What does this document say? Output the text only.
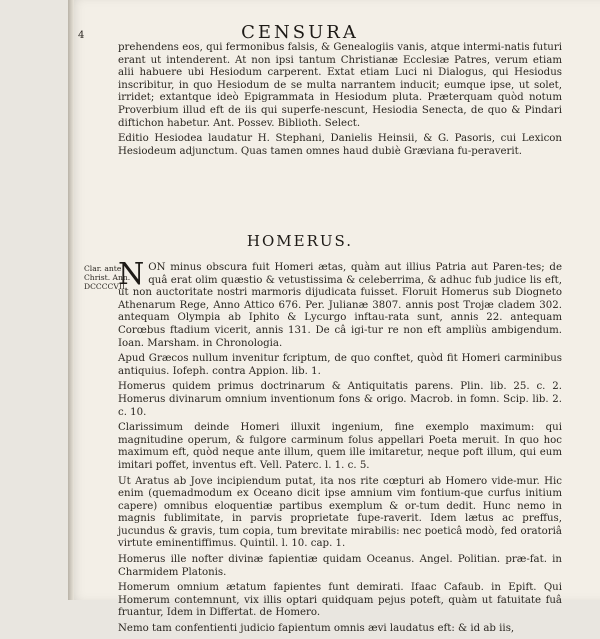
4	CENSURA

prehendens eos, qui fermonibus falsis, & Genealogiis vanis, atque intermi-natis futuri erant ut intenderent. At non ipsi tantum Christianæ Ecclesiæ Patres, verum etiam alii habuere ubi Hesiodum carperent. Extat etiam Luci ni Dialogus, qui Hesiodus inscribitur, in quo Hesiodum de se multa narrantem inducit; eumque ipse, ut solet, irridet; extantque ideò Epigrammata in Hesiodum pluta. Præterquam quòd notum Proverbium illud eft de iis qui superfe-nescunt, Hesiodia Senecta, de quo & Pindari diftichon habetur. Ant. Possev. Biblioth. Select.

Editio Hesiodea laudatur H. Stephani, Danielis Heinsii, & G. Pasoris, cui Lexicon Hesiodeum adjunctum. Quas tamen omnes haud dubiè Græviana fu-peraverit.

HOMERUS.
Clar. ante Christ. Ann. DCCCCVII.

NON minus obscura fuit Homeri ætas, quàm aut illius Patria aut Paren-tes; de quâ erat olim quæstio & vetustissima & celeberrima, & adhuc fub judice lis eft, ut non auctoritate nostri marmoris dijudicata fuisset. Floruit Homerus sub Diogneto Athenarum Rege, Anno Attico 676. Per. Julianæ 3807. annis post Trojæ cladem 302. antequam Olympia ab Iphito & Lycurgo inftau-rata sunt, annis 22. antequam Corœbus ftadium vicerit, annis 131. De câ igi-tur re non eft ampliùs ambigendum. Ioan. Marsham. in Chronologia.

Apud Græcos nullum invenitur fcriptum, de quo conftet, quòd fit Homeri carminibus antiquius. Iofeph. contra Appion. lib. 1.

Homerus quidem primus doctrinarum & Antiquitatis parens. Plin. lib. 25. c. 2. Homerus divinarum omnium inventionum fons & origo. Macrob. in fomn. Scip. lib. 2. c. 10.

Clarissimum deinde Homeri illuxit ingenium, fine exemplo maximum: qui magnitudine operum, & fulgore carminum folus appellari Poeta meruit. In quo hoc maximum eft, quòd neque ante illum, quem ille imitaretur, neque poft illum, qui eum imitari poffet, inventus eft. Vell. Paterc. l. 1. c. 5.

Ut Aratus ab Jove incipiendum putat, ita nos rite cœpturi ab Homero vide-mur. Hic enim (quemadmodum ex Oceano dicit ipse amnium vim fontium-que curfus initium capere) omnibus eloquentiæ partibus exemplum & or-tum dedit. Hunc nemo in magnis fublimitate, in parvis proprietate fupe-raverit. Idem lætus ac preffus, jucundus & gravis, tum copia, tum brevitate mirabilis: nec poeticâ modò, fed oratoriâ virtute eminentiffimus. Quintil. l. 10. cap. 1.

Homerus ille nofter divinæ fapientiæ quidam Oceanus. Angel. Politian. præ-fat. in Charmidem Platonis.

Homerum omnium ætatum fapientes funt demirati. Ifaac Cafaub. in Epift. Qui Homerum contemnunt, vix illis optari quidquam pejus poteft, quàm ut fatuitate fuâ fruantur, Idem in Differtat. de Homero.

Nemo tam confentienti judicio fapientum omnis ævi laudatus eft: & id ab iis,
